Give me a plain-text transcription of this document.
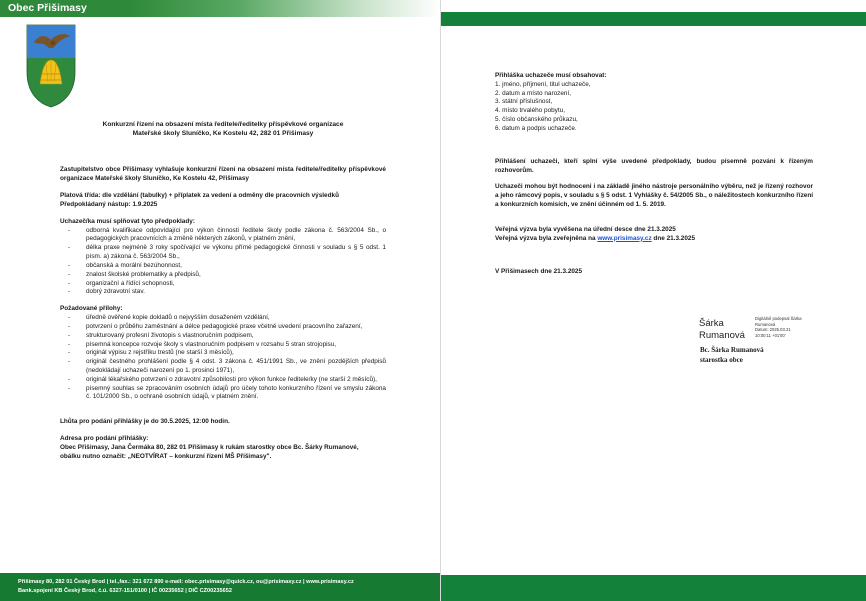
Obec Přišimasy
Konkurzní řízení na obsazení místa ředitele/ředitelky příspěvkové organizace
Mateřské školy Sluníčko, Ke Kostelu 42, 282 01 Přišimasy
Zastupitelstvo obce Přišimasy vyhlašuje konkurzní řízení na obsazení místa ředitele/ředitelky příspěvkové organizace Mateřské školy Sluníčko, Ke Kostelu 42, Přišimasy
Platová třída: dle vzdělání (tabulky) + příplatek za vedení a odměny dle pracovních výsledků
Předpokládaný nástup: 1.9.2025
Uchazeč/ka musí splňovat tyto předpoklady:
- odborná kvalifikace odpovídající pro výkon činnosti ředitele školy podle zákona č. 563/2004 Sb., o pedagogických pracovnících a změně některých zákonů, v platném znění,
- délka praxe nejméně 3 roky spočívající ve výkonu přímé pedagogické činnosti v souladu s § 5 odst. 1 písm. a) zákona č. 563/2004 Sb.,
- občanská a morální bezúhonnost,
- znalost školské problematiky a předpisů,
- organizační a řídící schopnosti,
- dobrý zdravotní stav.
Požadované přílohy:
- úředně ověřené kopie dokladů o nejvyšším dosaženém vzdělání,
- potvrzení o průběhu zaměstnání a délce pedagogické praxe včetně uvedení pracovního zařazení,
- strukturovaný profesní životopis s vlastnoručním podpisem,
- písemná koncepce rozvoje školy s vlastnoručním podpisem v rozsahu 5 stran strojopisu,
- originál výpisu z rejstříku trestů (ne starší 3 měsíců),
- originál čestného prohlášení podle § 4 odst. 3 zákona č. 451/1991 Sb., ve znění pozdějších předpisů (nedokládají uchazeči narození po 1. prosinci 1971),
- originál lékařského potvrzení o zdravotní způsobilosti pro výkon funkce ředitele/ky (ne starší 2 měsíců),
- písemný souhlas se zpracováním osobních údajů pro účely tohoto konkurzního řízení ve smyslu zákona č. 101/2000 Sb., o ochraně osobních údajů, v platném znění.
Lhůta pro podání přihlášky je do 30.5.2025, 12:00 hodin.
Adresa pro podání přihlášky:
Obec Přišimasy, Jana Čermáka 80, 282 01 Přišimasy k rukám starostky obce Bc. Šárky Rumanové,
obálku nutno označit: „NEOTVÍRAT – konkurzní řízení MŠ Přišimasy".
Přišimasy 80, 282 01 Český Brod | tel.,fax.: 321 672 890 e-mail: obec.prisimasy@quick.cz, ou@prisimasy.cz | www.prisimasy.cz
Bank.spojení KB Český Brod, č.ú. 6327-151/0100 | IČ 00235652 | DIČ CZ00235652
Přihláška uchazeče musí obsahovat:
1. jméno, příjmení, titul uchazeče,
2. datum a místo narození,
3. státní příslušnost,
4. místo trvalého pobytu,
5. číslo občanského průkazu,
6. datum a podpis uchazeče.
Přihlášení uchazeči, kteří splní výše uvedené předpoklady, budou písemně pozváni k řízeným rozhovorům.
Uchazeči mohou být hodnoceni i na základě jiného nástroje personálního výběru, než je řízený rozhovor a jeho rámcový popis, v souladu s § 5 odst. 1 Vyhlášky č. 54/2005 Sb., o náležitostech konkurzního řízení a konkurzních komisích, ve znění účinném od 1. 5. 2019.
Veřejná výzva byla vyvěšena na úřední desce dne 21.3.2025
Veřejná výzva byla zveřejněna na www.prisimasy.cz dne 21.3.2025
V Přišimasech dne 21.3.2025
Šárka
Rumanová
Digitálně podepsal Šárka
Rumanová
Datum: 2025.03.21
10:00:11 +01'00'
Bc. Šárka Rumanová
starostka obce
